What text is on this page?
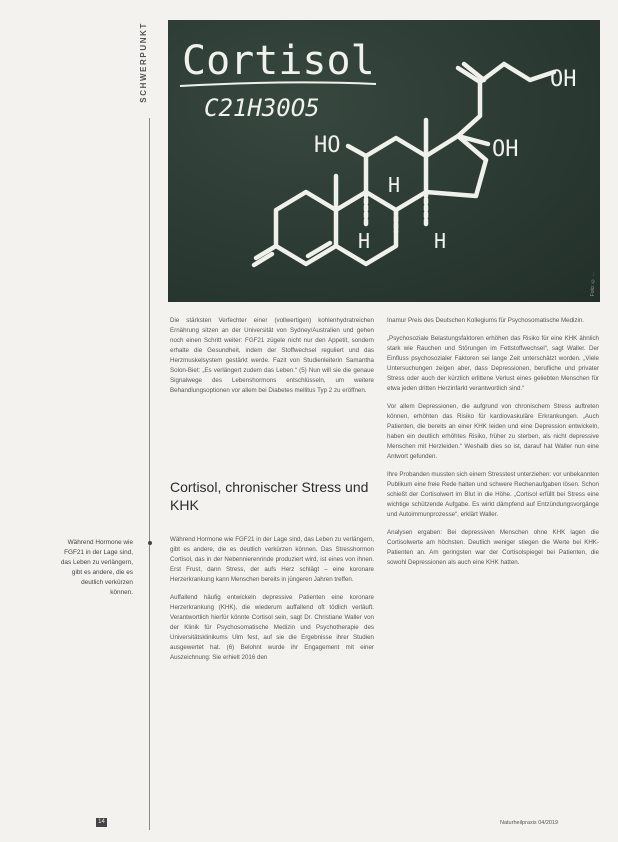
SCHWERPUNKT Cortisol
C21H30O5
OH
HO	OH
H
H	H
Foto: © ...

Die stärksten Verfechter einer (vollwertigen) kohlenhydratreichen Ernährung sitzen an der Universität von Sydney/Australien und gehen noch einen Schritt weiter: FGF21 zügele nicht nur den Appetit, sondern erhalte die Gesundheit, indem der Stoffwechsel reguliert und das Herzmuskelsystem gestärkt werde. Fazit von Studienleiterin Samantha Solon-Biet: „Es verlängert zudem das Leben.“ (5) Nun will sie die genaue Signalwege des Lebenshormons entschlüsseln, um weitere Behandlungsoptionen vor allem bei Diabetes mellitus Typ 2 zu eröffnen.

Cortisol, chronischer Stress und KHK

Während Hormone wie FGF21 in der Lage sind, das Leben zu verlängern, gibt es andere, die es deutlich verkürzen können. Das Stresshormon Cortisol, das in der Nebennierenrinde produziert wird, ist eines von ihnen. Erst Frust, dann Stress, der aufs Herz schlägt – eine koronare Herzerkrankung kann Menschen bereits in jüngeren Jahren treffen.

Auffallend häufig entwickeln depressive Patienten eine koronare Herzerkrankung (KHK), die wiederum auffallend oft tödlich verläuft. Verantwortlich hierfür könnte Cortisol sein, sagt Dr. Christiane Waller von der Klinik für Psychosomatische Medizin und Psychotherapie des Universitätsklinikums Ulm fest, auf sie die Ergebnisse ihrer Studien ausgewertet hat. (6) Belohnt wurde ihr Engagement mit einer Auszeichnung: Sie erhielt 2016 den

Inamur Preis des Deutschen Kollegiums für Psychosomatische Medizin.

„Psychosoziale Belastungsfaktoren erhöhen das Risiko für eine KHK ähnlich stark wie Rauchen und Störungen im Fettstoffwechsel“, sagt Waller. Der Einfluss psychosozialer Faktoren sei lange Zeit unterschätzt worden. „Viele Untersuchungen zeigen aber, dass Depressionen, berufliche und privater Stress oder auch der kürzlich erlittene Verlust eines geliebten Menschen für etwa jeden dritten Herzinfarkt verantwortlich sind.“

Vor allem Depressionen, die aufgrund von chronischem Stress auftreten können, erhöhten das Risiko für kardiovaskuläre Erkrankungen. „Auch Patienten, die bereits an einer KHK leiden und eine Depression entwickeln, haben ein deutlich erhöhtes Risiko, früher zu sterben, als nicht depressive Menschen mit Herzleiden.“ Weshalb dies so ist, darauf hat Waller nun eine Antwort gefunden.

Ihre Probanden mussten sich einem Stresstest unterziehen: vor unbekannten Publikum eine freie Rede halten und schwere Rechenaufgaben lösen. Schon schießt der Cortisolwert im Blut in die Höhe. „Cortisol erfüllt bei Stress eine wichtige schützende Aufgabe. Es wirkt dämpfend auf Entzündungsvorgänge und Autoimmunprozesse“, erklärt Waller.

Analysen ergaben: Bei depressiven Menschen ohne KHK lagen die Cortisolwerte am höchsten. Deutlich weniger stiegen die Werte bei KHK-Patienten an. Am geringsten war der Cortisolspiegel bei Patienten, die sowohl Depressionen als auch eine KHK hatten.

Während Hormone wie FGF21 in der Lage sind, das Leben zu verlängern, gibt es andere, die es deutlich verkürzen können.
14	Naturheilpraxis 04/2019
